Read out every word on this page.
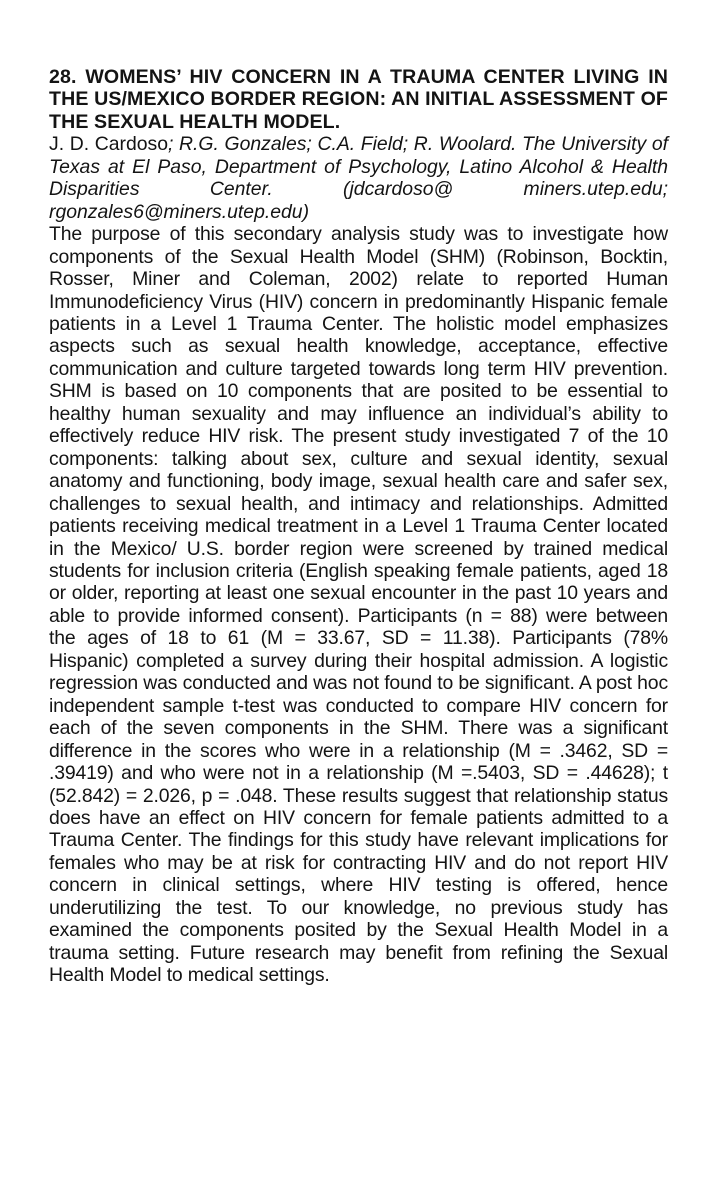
28. WOMENS’ HIV CONCERN IN A TRAUMA CENTER LIVING IN THE US/MEXICO BORDER REGION: AN INITIAL ASSESSMENT OF THE SEXUAL HEALTH MODEL.

J. D. Cardoso; R.G. Gonzales; C.A. Field; R. Woolard. The University of Texas at El Paso, Department of Psychology, Latino Alcohol & Health Disparities Center. (jdcardoso@ miners.utep.edu; rgonzales6@miners.utep.edu)

The purpose of this secondary analysis study was to investigate how components of the Sexual Health Model (SHM) (Robinson, Bocktin, Rosser, Miner and Coleman, 2002) relate to reported Human Immunodeficiency Virus (HIV) concern in predominantly Hispanic female patients in a Level 1 Trauma Center. The holistic model emphasizes aspects such as sexual health knowledge, acceptance, effective communication and culture targeted towards long term HIV prevention. SHM is based on 10 components that are posited to be essential to healthy human sexuality and may influence an individual’s ability to effectively reduce HIV risk. The present study investigated 7 of the 10 components: talking about sex, culture and sexual identity, sexual anatomy and functioning, body image, sexual health care and safer sex, challenges to sexual health, and intimacy and relationships. Admitted patients receiving medical treatment in a Level 1 Trauma Center located in the Mexico/ U.S. border region were screened by trained medical students for inclusion criteria (English speaking female patients, aged 18 or older, reporting at least one sexual encounter in the past 10 years and able to provide informed consent). Participants (n = 88) were between the ages of 18 to 61 (M = 33.67, SD = 11.38). Participants (78% Hispanic) completed a survey during their hospital admission. A logistic regression was conducted and was not found to be significant. A post hoc independent sample t-test was conducted to compare HIV concern for each of the seven components in the SHM. There was a significant difference in the scores who were in a relationship (M = .3462, SD = .39419) and who were not in a relationship (M =.5403, SD = .44628); t (52.842) = 2.026, p = .048. These results suggest that relationship status does have an effect on HIV concern for female patients admitted to a Trauma Center. The findings for this study have relevant implications for females who may be at risk for contracting HIV and do not report HIV concern in clinical settings, where HIV testing is offered, hence underutilizing the test. To our knowledge, no previous study has examined the components posited by the Sexual Health Model in a trauma setting. Future research may benefit from refining the Sexual Health Model to medical settings.
